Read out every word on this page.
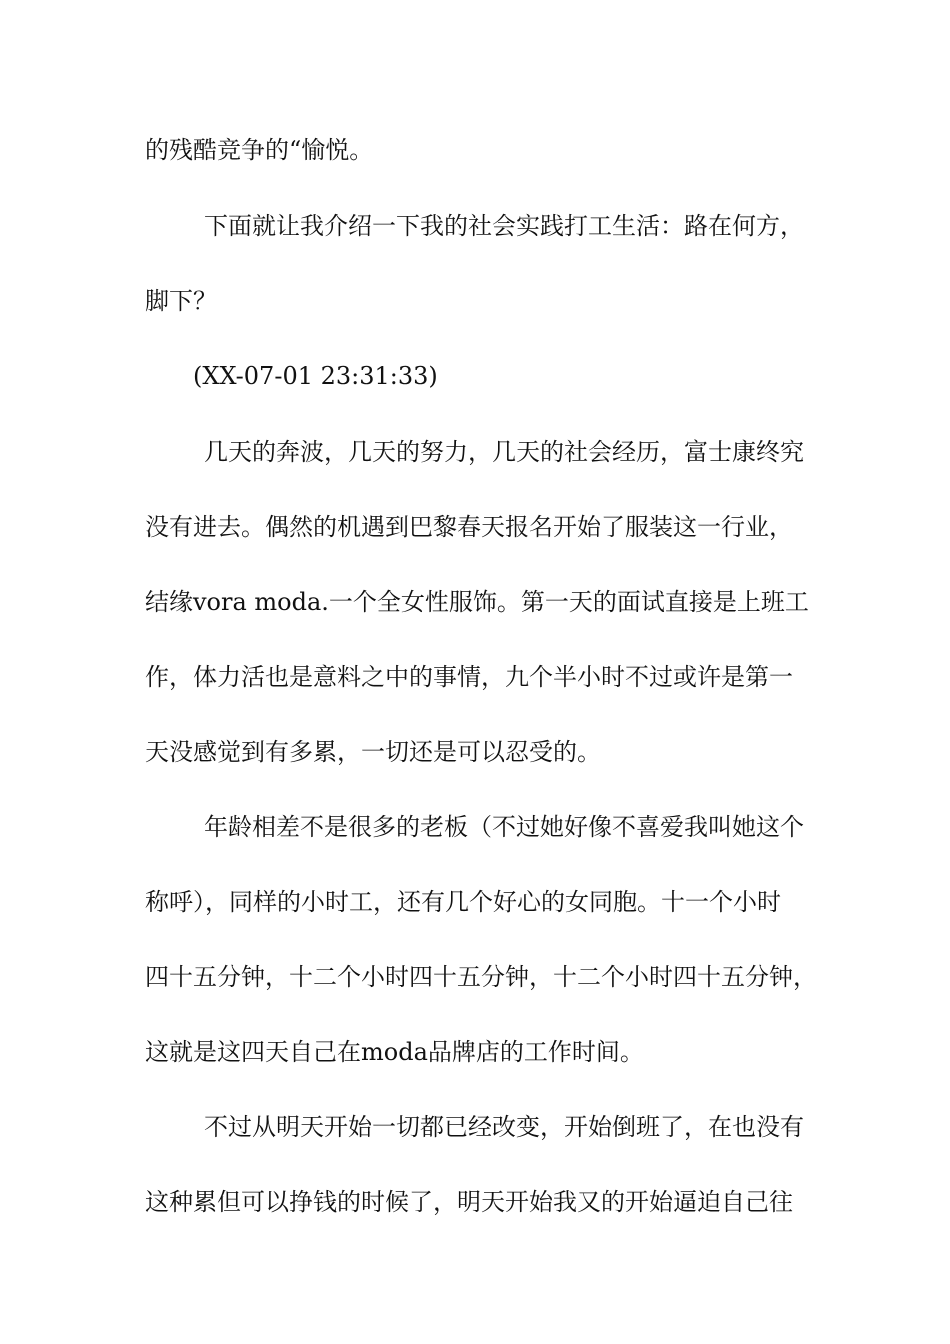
的残酷竞争的“愉悦。
下面就让我介绍一下我的社会实践打工生活：路在何方，
脚下？
(XX-07-01 23:31:33)
几天的奔波，几天的努力，几天的社会经历，富士康终究
没有进去。偶然的机遇到巴黎春天报名开始了服装这一行业，
结缘vora moda.一个全女性服饰。第一天的面试直接是上班工
作，体力活也是意料之中的事情，九个半小时不过或许是第一
天没感觉到有多累，一切还是可以忍受的。
年龄相差不是很多的老板（不过她好像不喜爱我叫她这个
称呼），同样的小时工，还有几个好心的女同胞。十一个小时
四十五分钟，十二个小时四十五分钟，十二个小时四十五分钟，
这就是这四天自己在moda品牌店的工作时间。
不过从明天开始一切都已经改变，开始倒班了，在也没有
这种累但可以挣钱的时候了，明天开始我又的开始逼迫自己往
